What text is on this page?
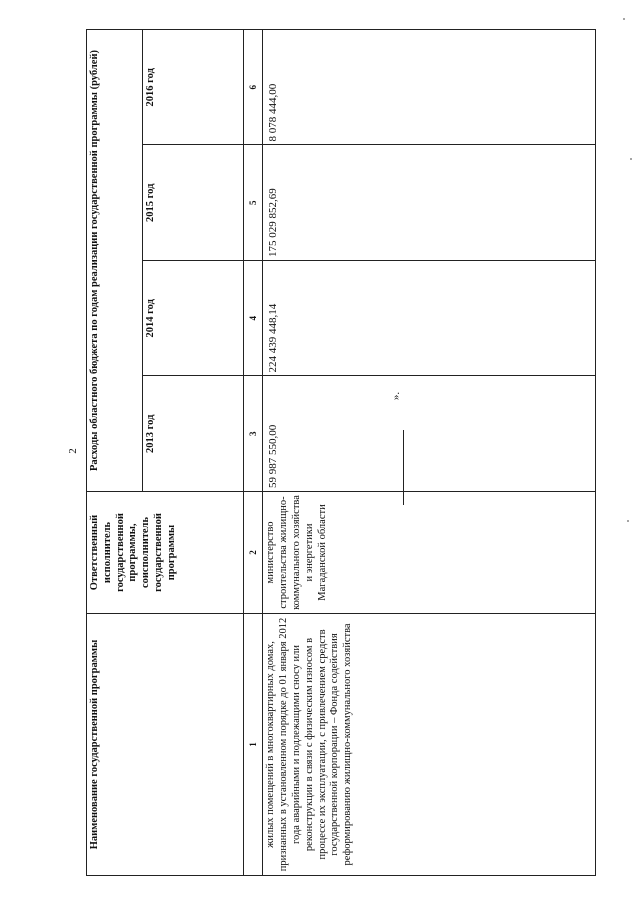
2
Наименование государственной программы	Ответственный исполнитель государственной программы, соисполнитель государственной программы	Расходы областного бюджета по годам реализации государственной программы (рублей)			
		2013 год	2014 год	2015 год	2016 год
1	2	3	4	5	6
жилых помещений в многоквартирных домах, признанных в установленном порядке до 01 января 2012 года аварийными и подлежащими сносу или реконструкции в связи с физическим износом в процессе их эксплуатации, с привлечением средств государственной корпорации – Фонда содействия реформированию жилищно-коммунального хозяйства	министерство строительства жилищно-коммунального хозяйства и энергетики Магаданской области	59 987 550,00	224 439 448,14	175 029 852,69	8 078 444,00
».
